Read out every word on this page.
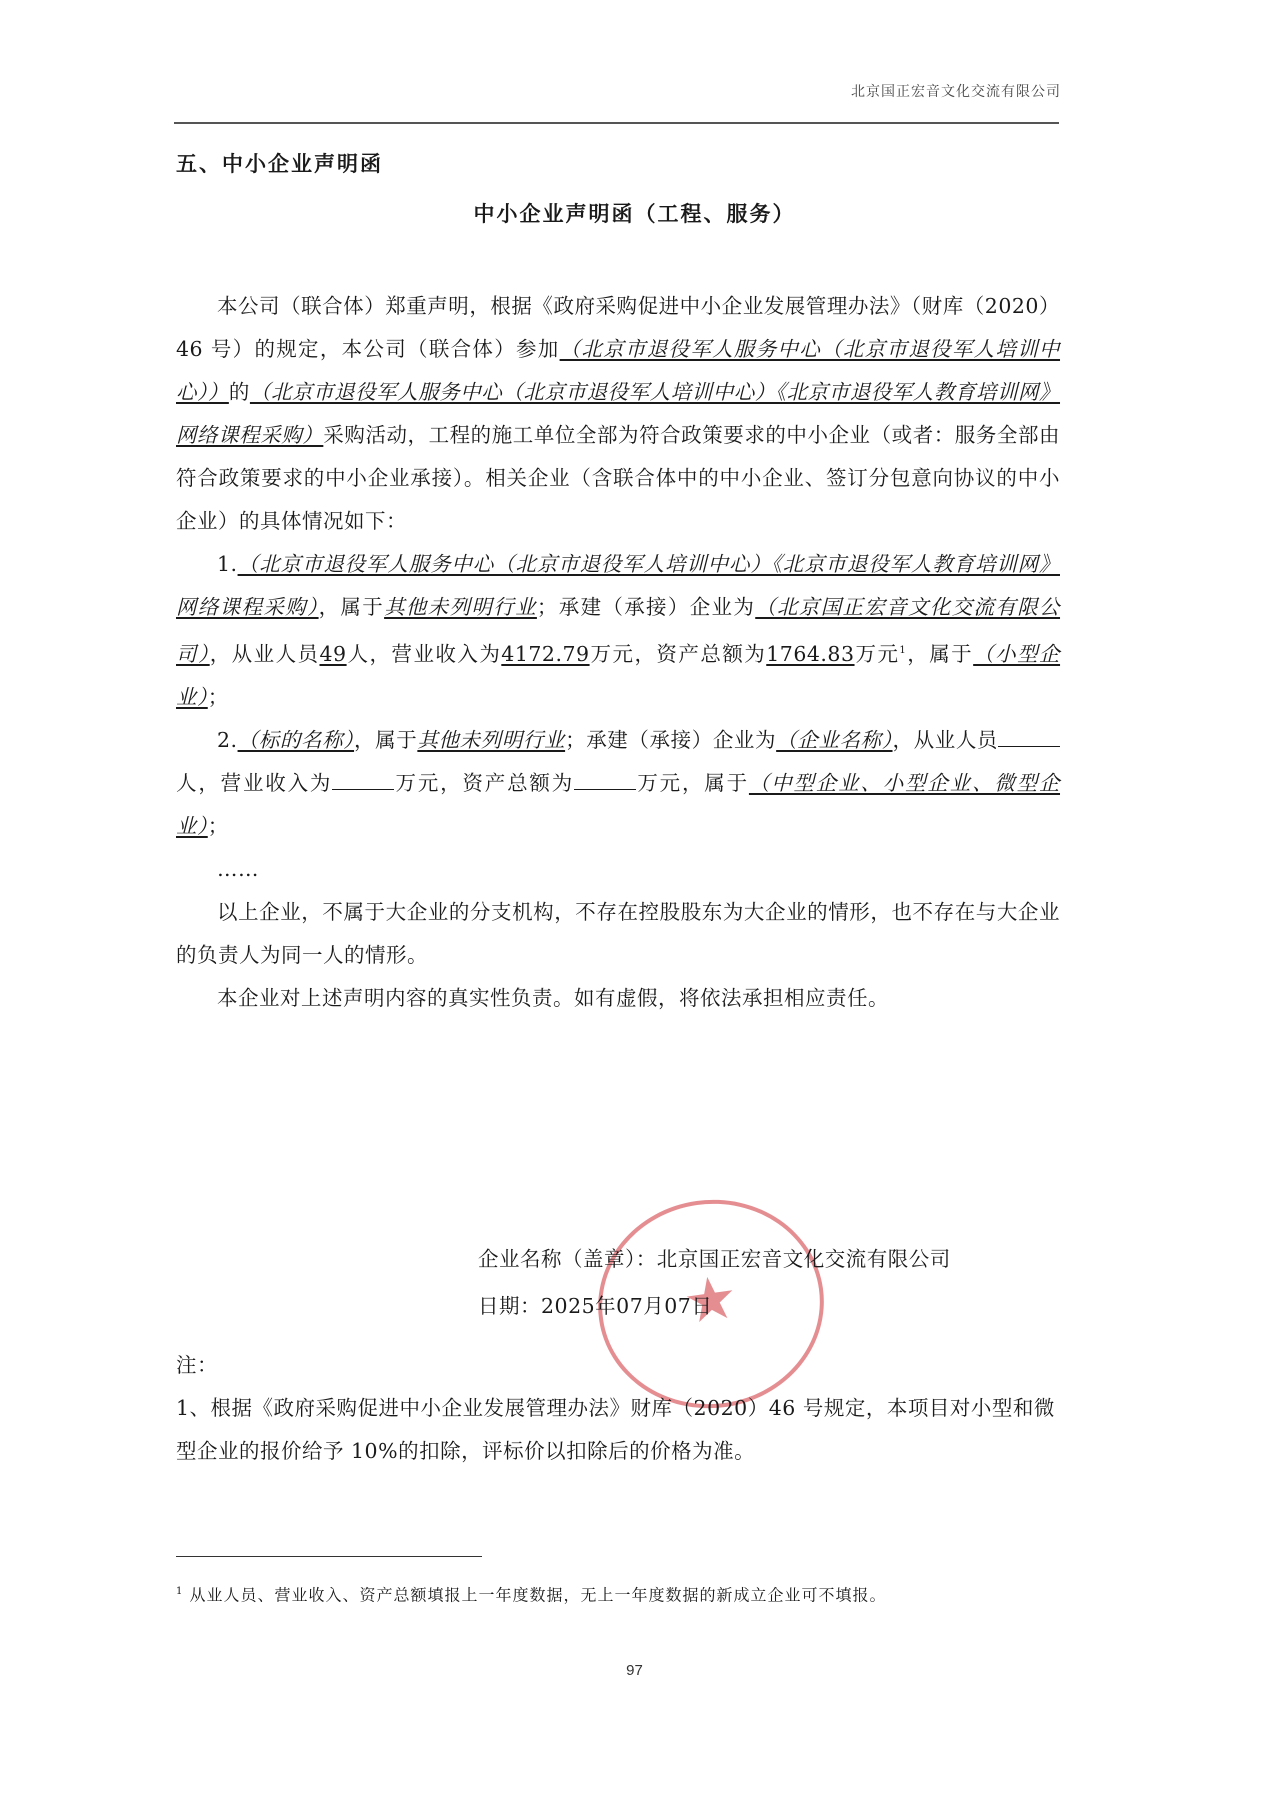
北京国正宏音文化交流有限公司
五、中小企业声明函
中小企业声明函（工程、服务）

本公司（联合体）郑重声明，根据《政府采购促进中小企业发展管理办法》（财库（2020）46 号）的规定，本公司（联合体）参加（北京市退役军人服务中心（北京市退役军人培训中心））的（北京市退役军人服务中心（北京市退役军人培训中心）《北京市退役军人教育培训网》网络课程采购）采购活动，工程的施工单位全部为符合政策要求的中小企业（或者：服务全部由符合政策要求的中小企业承接）。相关企业（含联合体中的中小企业、签订分包意向协议的中小企业）的具体情况如下：

1.（北京市退役军人服务中心（北京市退役军人培训中心）《北京市退役军人教育培训网》网络课程采购），属于其他未列明行业；承建（承接）企业为（北京国正宏音文化交流有限公司），从业人员49人，营业收入为4172.79万元，资产总额为1764.83万元$^1$，属于（小型企业）；

2.（标的名称），属于其他未列明行业；承建（承接）企业为（企业名称），从业人员人，营业收入为	万元，资产总额为	万元，属于（中型企业、小型企业、微型企业）；

……

以上企业，不属于大企业的分支机构，不存在控股股东为大企业的情形，也不存在与大企业的负责人为同一人的情形。

本企业对上述声明内容的真实性负责。如有虚假，将依法承担相应责任。

★
企业名称（盖章）：北京国正宏音文化交流有限公司
日期：2025年07月07日

注：

1、根据《政府采购促进中小企业发展管理办法》财库（2020）46 号规定，本项目对小型和微型企业的报价给予 10%的扣除，评标价以扣除后的价格为准。

$^1$ 从业人员、营业收入、资产总额填报上一年度数据，无上一年度数据的新成立企业可不填报。
97
